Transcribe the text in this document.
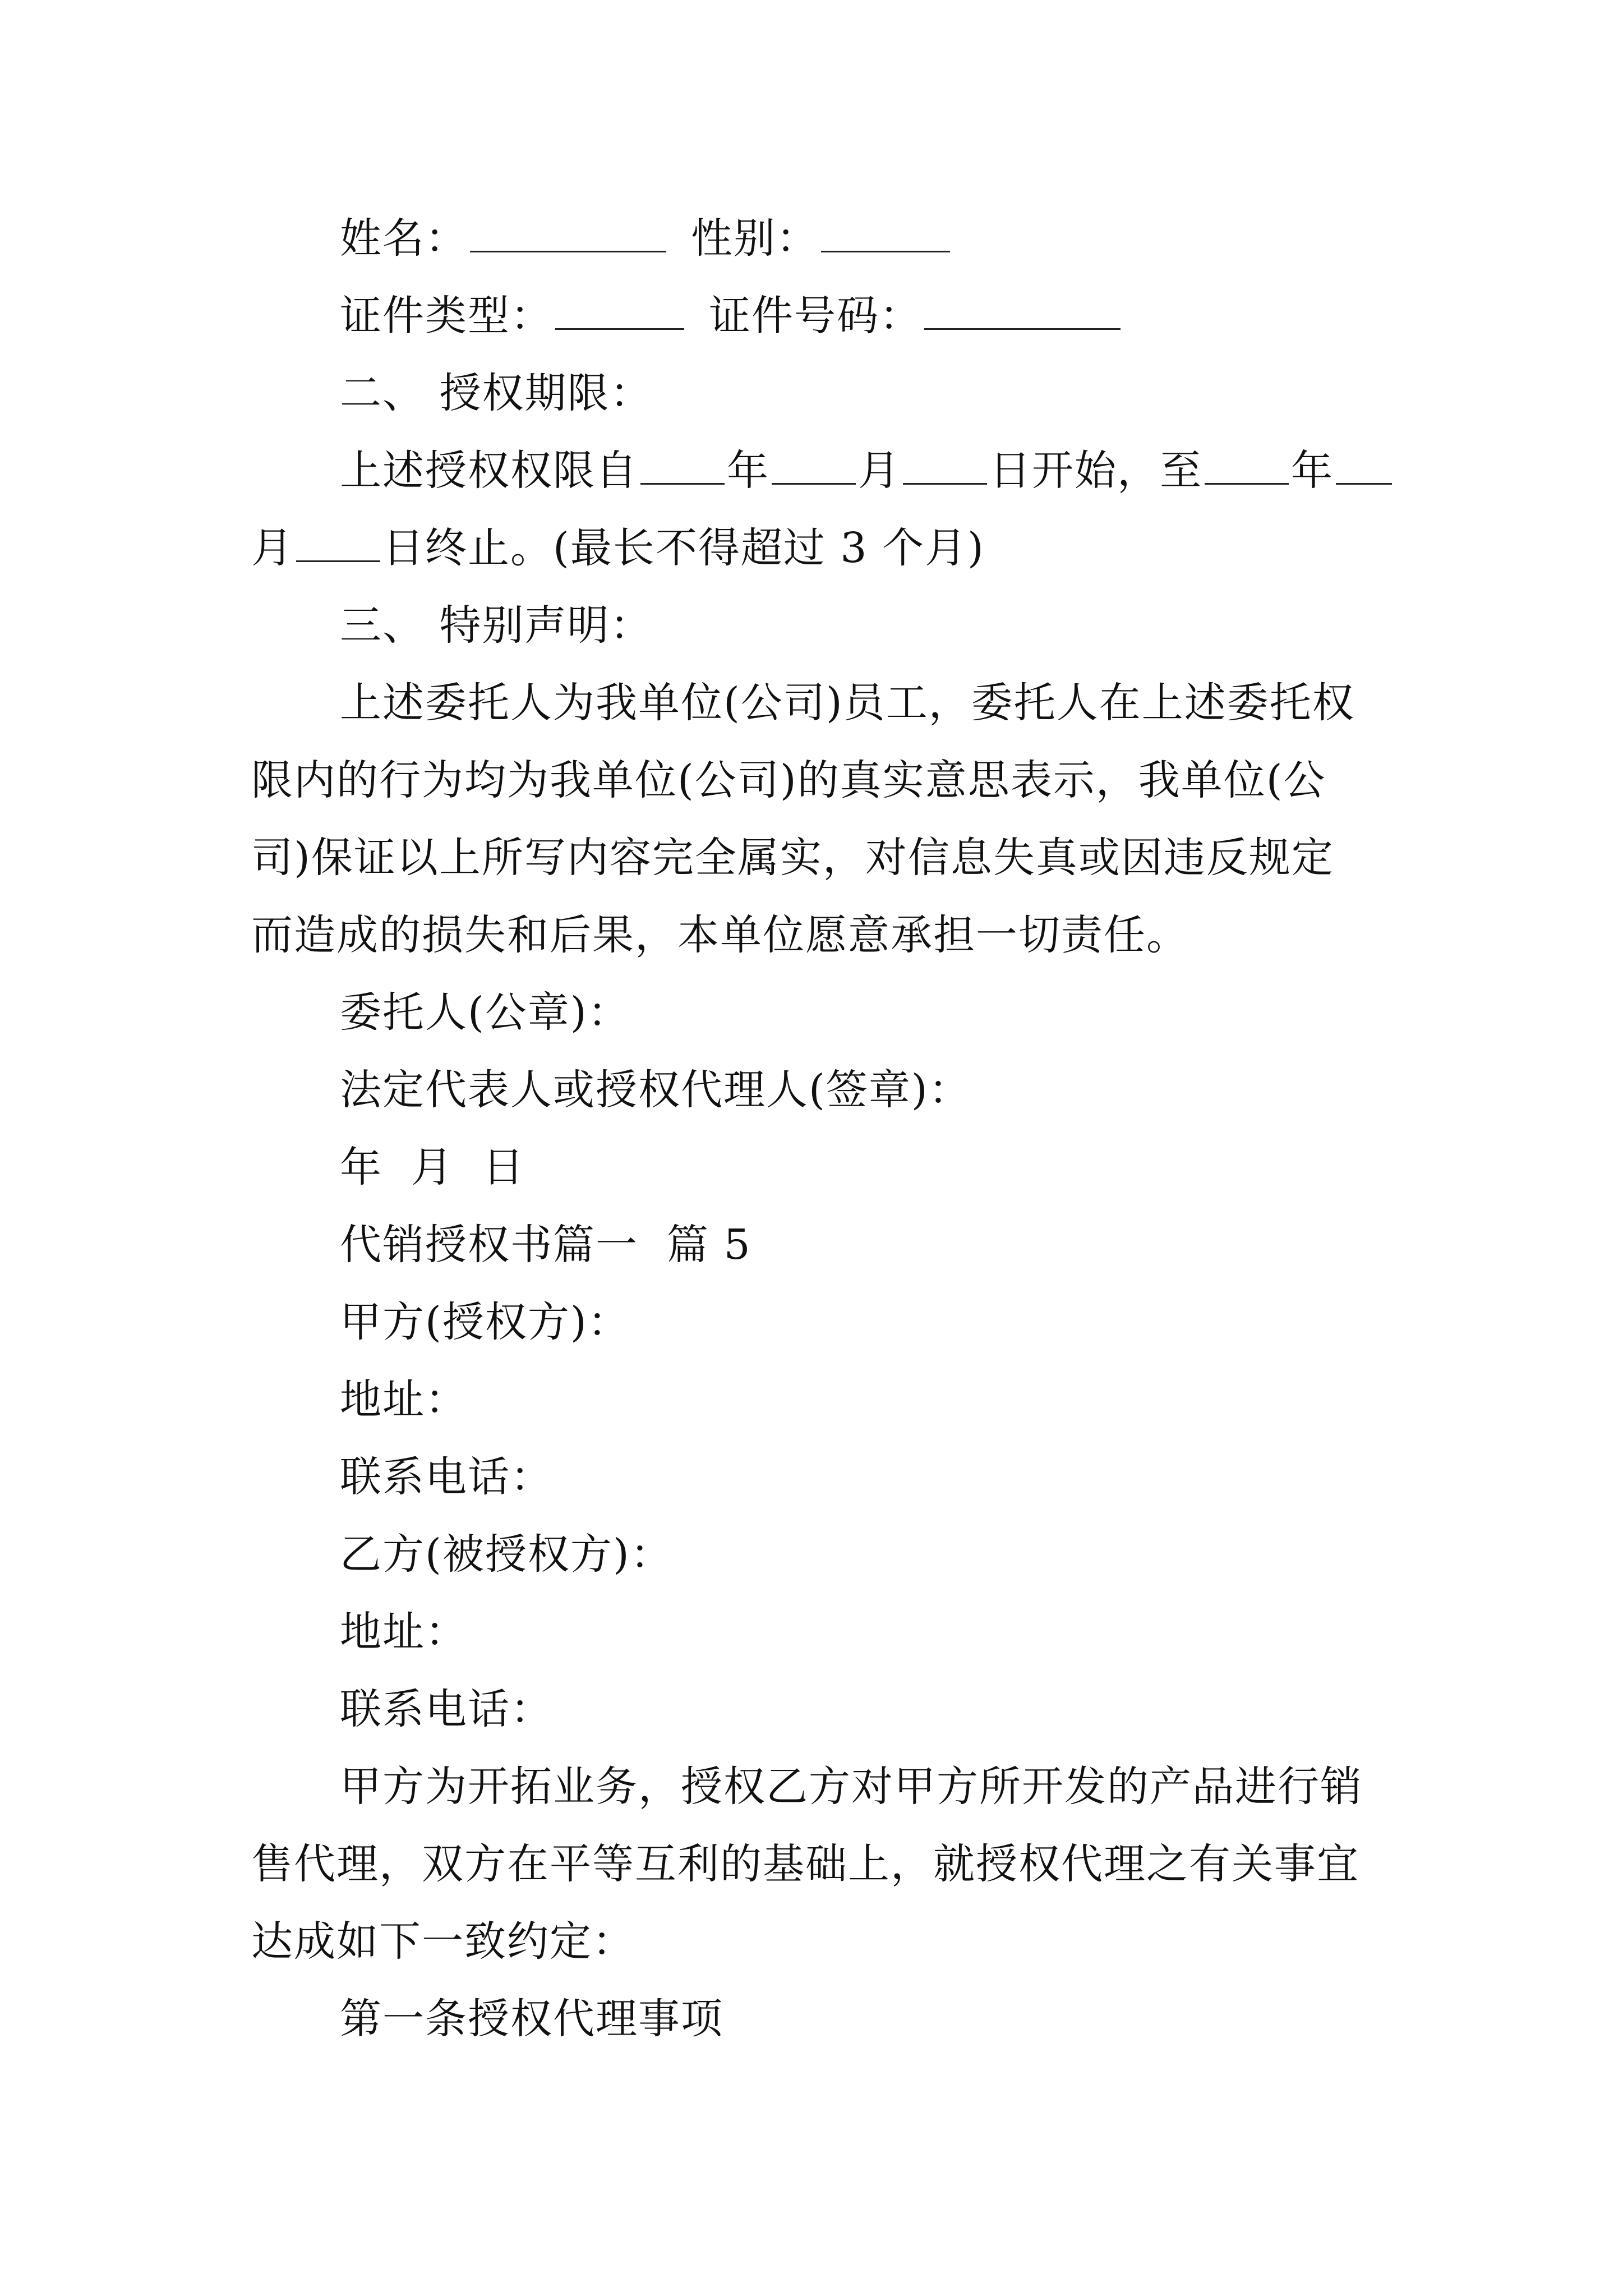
姓名：	性别：
证件类型：	证件号码：
二、 授权期限：
上述授权权限自 年 月 日开始，至 年
月 日终止。(最长不得超过 3 个月)
三、 特别声明：
上述委托人为我单位(公司)员工，委托人在上述委托权
限内的行为均为我单位(公司)的真实意思表示，我单位(公
司)保证以上所写内容完全属实，对信息失真或因违反规定
而造成的损失和后果，本单位愿意承担一切责任。
委托人(公章)：
法定代表人或授权代理人(签章)：
年  月  日
代销授权书篇一  篇 5
甲方(授权方)：
地址：
联系电话：
乙方(被授权方)：
地址：
联系电话：
甲方为开拓业务，授权乙方对甲方所开发的产品进行销
售代理，双方在平等互利的基础上，就授权代理之有关事宜
达成如下一致约定：
第一条授权代理事项
